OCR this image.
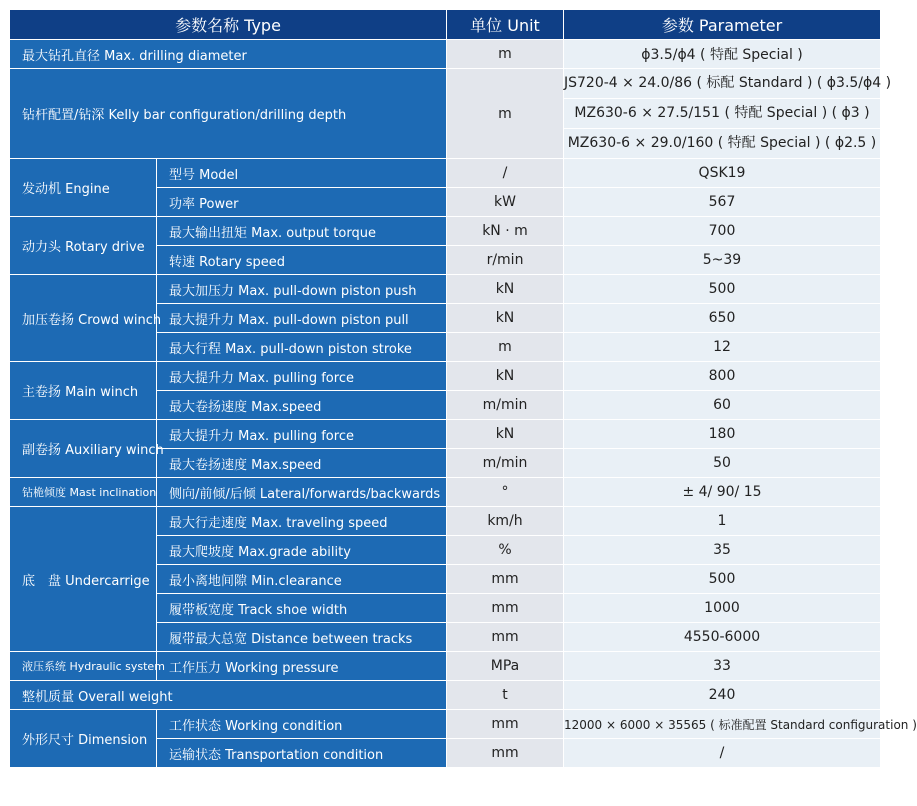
参数名称 Type		单位 Unit	参数 Parameter
最大钻孔直径 Max. drilling diameter		m	ϕ3.5/ϕ4 ( 特配 Special )
钻杆配置/钻深 Kelly bar configuration/drilling depth		m	JS720-4 × 24.0/86 ( 标配 Standard ) ( ϕ3.5/ϕ4 )
MZ630-6 × 27.5/151 ( 特配 Special ) ( ϕ3 )
MZ630-6 × 29.0/160 ( 特配 Special ) ( ϕ2.5 )

发动机 Engine	型号 Model	/	QSK19
	功率 Power	kW	567
动力头 Rotary drive	最大输出扭矩 Max. output torque	kN · m	700
	转速 Rotary speed	r/min	5~39
加压卷扬 Crowd winch	最大加压力 Max. pull-down piston push	kN	500
	最大提升力 Max. pull-down piston pull	kN	650
	最大行程 Max. pull-down piston stroke	m	12
主卷扬 Main winch	最大提升力 Max. pulling force	kN	800
	最大卷扬速度 Max.speed	m/min	60
副卷扬 Auxiliary winch	最大提升力 Max. pulling force	kN	180
	最大卷扬速度 Max.speed	m/min	50
钻桅倾度 Mast inclination	侧向/前倾/后倾 Lateral/forwards/backwards	°	± 4/ 90/ 15
底　盘 Undercarrige	最大行走速度 Max. traveling speed	km/h	1
	最大爬坡度 Max.grade ability	%	35
	最小离地间隙 Min.clearance	mm	500
	履带板宽度 Track shoe width	mm	1000
	履带最大总宽 Distance between tracks	mm	4550-6000
液压系统 Hydraulic system	工作压力 Working pressure	MPa	33
整机质量 Overall weight		t	240
外形尺寸 Dimension	工作状态 Working condition	mm	12000 × 6000 × 35565 ( 标准配置 Standard configuration )
	运输状态 Transportation condition	mm	/
